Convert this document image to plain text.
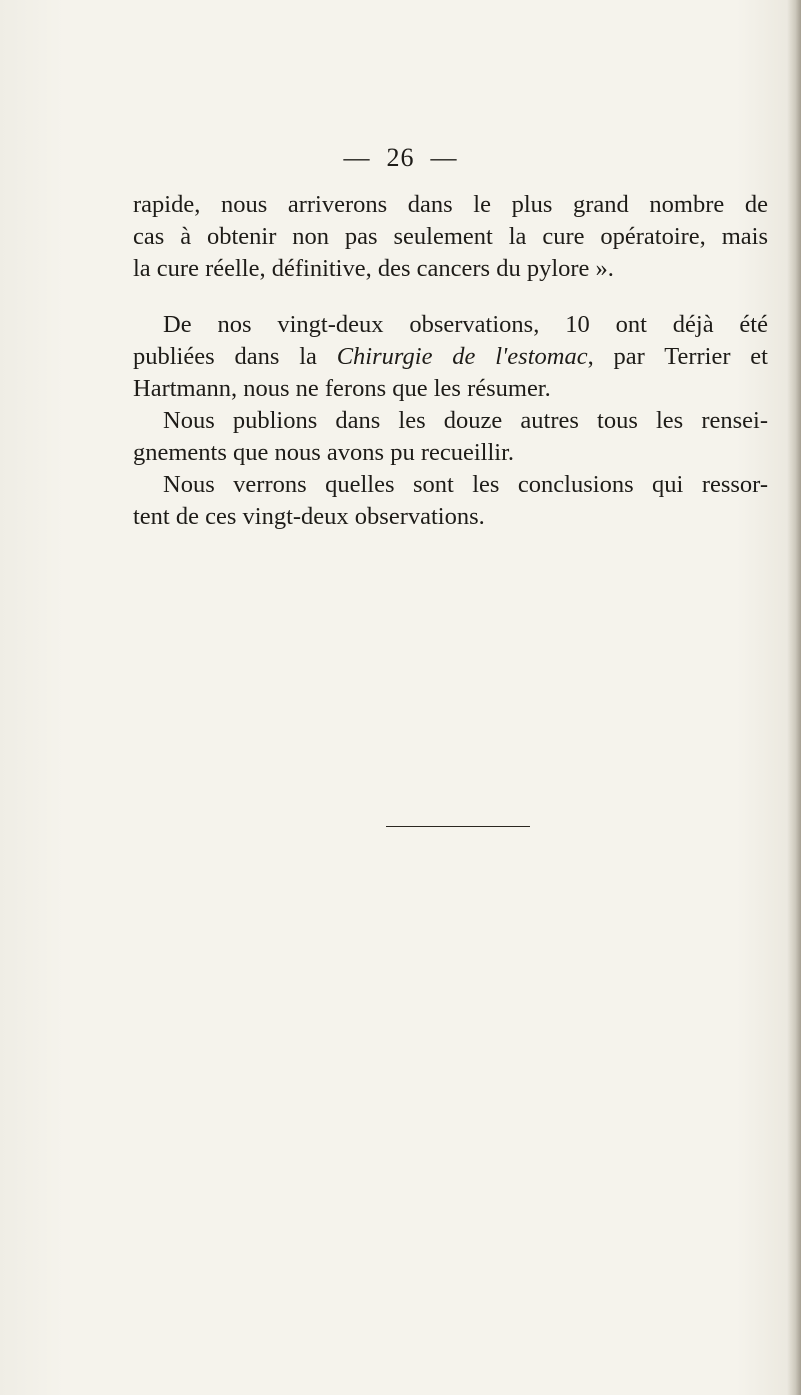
— 26 —
rapide, nous arriverons dans le plus grand nombre de
cas à obtenir non pas seulement la cure opératoire, mais
la cure réelle, définitive, des cancers du pylore ».
De nos vingt-deux observations, 10 ont déjà été
publiées dans la Chirurgie de l'estomac, par Terrier et
Hartmann, nous ne ferons que les résumer.
Nous publions dans les douze autres tous les rensei-
gnements que nous avons pu recueillir.
Nous verrons quelles sont les conclusions qui ressor-
tent de ces vingt-deux observations.
